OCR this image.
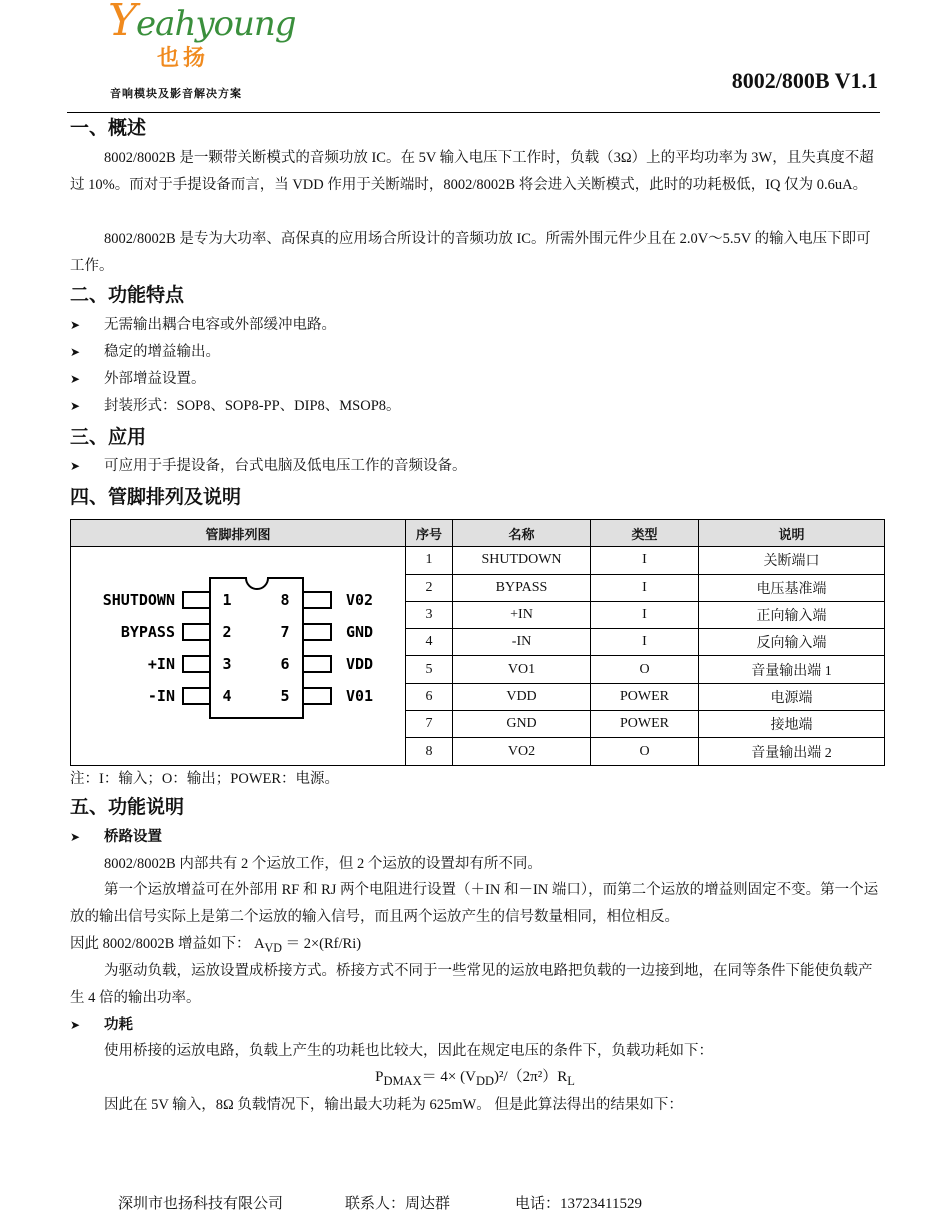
Yeahyoung
也扬
音响模块及影音解决方案
8002/800B V1.1
一、概述
8002/8002B 是一颗带关断模式的音频功放 IC。在 5V 输入电压下工作时，负载（3Ω）上的平均功率为 3W，且失真度不超过 10%。而对于手提设备而言，当 VDD 作用于关断端时，8002/8002B 将会进入关断模式，此时的功耗极低，IQ 仅为 0.6uA。
8002/8002B 是专为大功率、高保真的应用场合所设计的音频功放 IC。所需外围元件少且在 2.0V～5.5V 的输入电压下即可工作。
二、功能特点
➤ 无需输出耦合电容或外部缓冲电路。
➤ 稳定的增益输出。
➤ 外部增益设置。
➤ 封装形式：SOP8、SOP8-PP、DIP8、MSOP8。
三、应用
➤ 可应用于手提设备，台式电脑及低电压工作的音频设备。
四、管脚排列及说明
管脚排列图	序号	名称	类型	说明
	1	SHUTDOWN	I	关断端口
	2	BYPASS	I	电压基准端
	3	+IN	I	正向输入端
	4	-IN	I	反向输入端
	5	VO1	O	音量输出端 1
	6	VDD	POWER	电源端
	7	GND	POWER	接地端
	8	VO2	O	音量输出端 2
SHUTDOWN	1	8	V02
BYPASS	2	7	GND
+IN	3	6	VDD
-IN	4	5	V01
注：I：输入；O：输出；POWER：电源。
五、功能说明
➤ 桥路设置
8002/8002B 内部共有 2 个运放工作，但 2 个运放的设置却有所不同。
第一个运放增益可在外部用 RF 和 RJ 两个电阻进行设置（＋IN 和－IN 端口），而第二个运放的增益则固定不变。第一个运放的输出信号实际上是第二个运放的输入信号，而且两个运放产生的信号数量相同，相位相反。
因此 8002/8002B 增益如下： $A_{VD} = 2\times(Rf/Ri)$
为驱动负载，运放设置成桥接方式。桥接方式不同于一些常见的运放电路把负载的一边接到地，在同等条件下能使负载产生 4 倍的输出功率。
➤ 功耗
使用桥接的运放电路，负载上产生的功耗也比较大，因此在规定电压的条件下，负载功耗如下：
$P_{DMAX}= 4\times (V_{DD})^2/(2\pi^2)R_L$
因此在 5V 输入，8Ω 负载情况下，输出最大功耗为 625mW。 但是此算法得出的结果如下：
深圳市也扬科技有限公司	联系人：周达群	电话：13723411529
